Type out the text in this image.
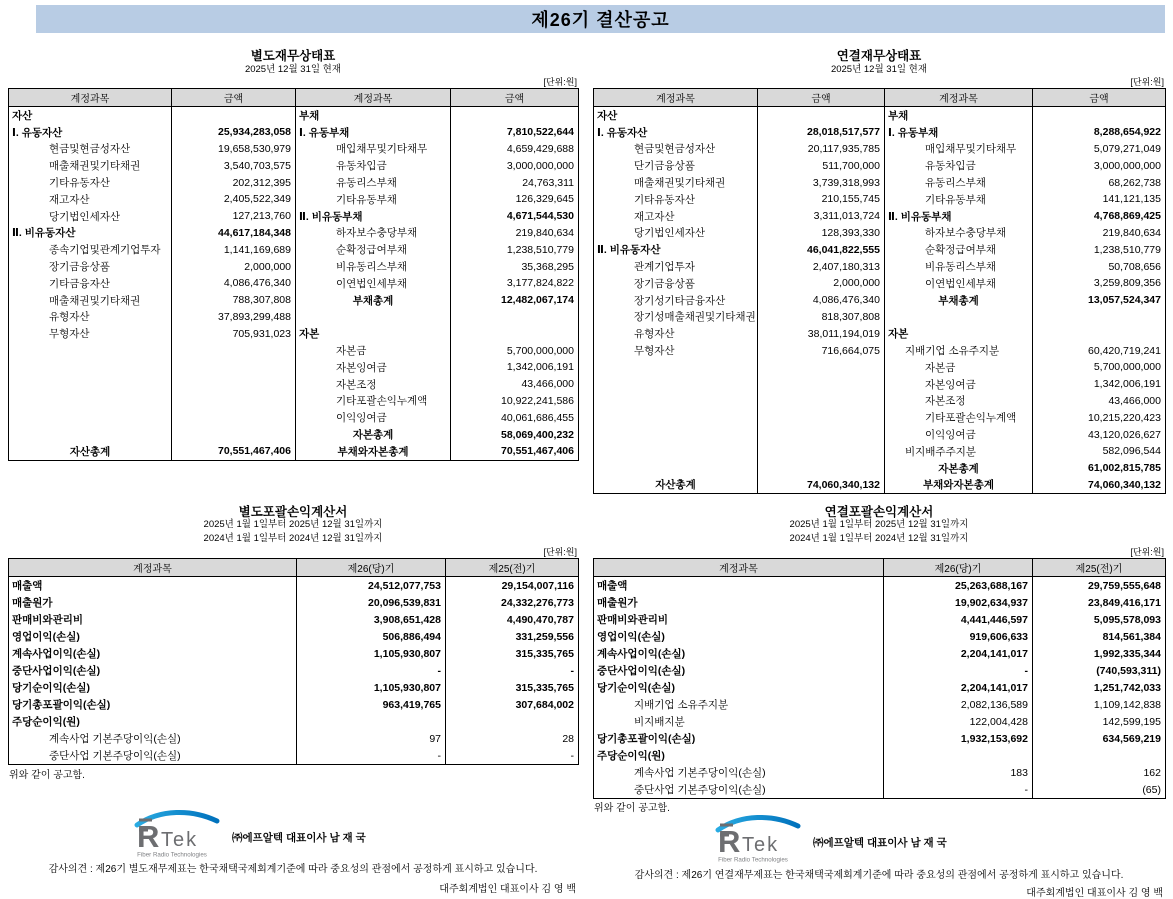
제26기 결산공고
별도재무상태표
2025년 12월 31일 현재
[단위:원]
계정과목	금액	계정과목	금액
자산		부채	
Ⅰ. 유동자산	25,934,283,058	Ⅰ. 유동부채	7,810,522,644
현금및현금성자산	19,658,530,979	매입채무및기타채무	4,659,429,688
매출채권및기타채권	3,540,703,575	유동차입금	3,000,000,000
기타유동자산	202,312,395	유동리스부채	24,763,311
재고자산	2,405,522,349	기타유동부채	126,329,645
당기법인세자산	127,213,760	Ⅱ. 비유동부채	4,671,544,530
Ⅱ. 비유동자산	44,617,184,348	하자보수충당부채	219,840,634
종속기업및관계기업투자	1,141,169,689	순확정급여부채	1,238,510,779
장기금융상품	2,000,000	비유동리스부채	35,368,295
기타금융자산	4,086,476,340	이연법인세부채	3,177,824,822
매출채권및기타채권	788,307,808	부채총계	12,482,067,174
유형자산	37,893,299,488		
무형자산	705,931,023	자본	
		자본금	5,700,000,000
		자본잉여금	1,342,006,191
		자본조정	43,466,000
		기타포괄손익누계액	10,922,241,586
		이익잉여금	40,061,686,455
		자본총계	58,069,400,232
자산총계	70,551,467,406	부채와자본총계	70,551,467,406
별도포괄손익계산서
2025년 1월 1일부터 2025년 12월 31일까지
2024년 1월 1일부터 2024년 12월 31일까지
[단위:원]
계정과목	제26(당)기	제25(전)기
매출액	24,512,077,753	29,154,007,116
매출원가	20,096,539,831	24,332,276,773
판매비와관리비	3,908,651,428	4,490,470,787
영업이익(손실)	506,886,494	331,259,556
계속사업이익(손실)	1,105,930,807	315,335,765
중단사업이익(손실)	-	-
당기순이익(손실)	1,105,930,807	315,335,765
당기총포괄이익(손실)	963,419,765	307,684,002
주당순이익(원)		
계속사업 기본주당이익(손실)	97	28
중단사업 기본주당이익(손실)	-	-
위와 같이 공고함.
R Tek
Fiber Radio Technologies
㈜에프알텍 대표이사 남 재 국
감사의견 : 제26기 별도재무제표는 한국채택국제회계기준에 따라 중요성의 관점에서 공정하게 표시하고 있습니다.
대주회계법인 대표이사 김 영 백
연결재무상태표
2025년 12월 31일 현재
[단위:원]
계정과목	금액	계정과목	금액
자산		부채	
Ⅰ. 유동자산	28,018,517,577	Ⅰ. 유동부채	8,288,654,922
현금및현금성자산	20,117,935,785	매입채무및기타채무	5,079,271,049
단기금융상품	511,700,000	유동차입금	3,000,000,000
매출채권및기타채권	3,739,318,993	유동리스부채	68,262,738
기타유동자산	210,155,745	기타유동부채	141,121,135
재고자산	3,311,013,724	Ⅱ. 비유동부채	4,768,869,425
당기법인세자산	128,393,330	하자보수충당부채	219,840,634
Ⅱ. 비유동자산	46,041,822,555	순확정급여부채	1,238,510,779
관계기업투자	2,407,180,313	비유동리스부채	50,708,656
장기금융상품	2,000,000	이연법인세부채	3,259,809,356
장기성기타금융자산	4,086,476,340	부채총계	13,057,524,347
장기성매출채권및기타채권	818,307,808		
유형자산	38,011,194,019	자본	
무형자산	716,664,075	지배기업 소유주지분	60,420,719,241
		자본금	5,700,000,000
		자본잉여금	1,342,006,191
		자본조정	43,466,000
		기타포괄손익누계액	10,215,220,423
		이익잉여금	43,120,026,627
		비지배주주지분	582,096,544
		자본총계	61,002,815,785
자산총계	74,060,340,132	부채와자본총계	74,060,340,132
연결포괄손익계산서
2025년 1월 1일부터 2025년 12월 31일까지
2024년 1월 1일부터 2024년 12월 31일까지
[단위:원]
계정과목	제26(당)기	제25(전)기
매출액	25,263,688,167	29,759,555,648
매출원가	19,902,634,937	23,849,416,171
판매비와관리비	4,441,446,597	5,095,578,093
영업이익(손실)	919,606,633	814,561,384
계속사업이익(손실)	2,204,141,017	1,992,335,344
중단사업이익(손실)	-	(740,593,311)
당기순이익(손실)	2,204,141,017	1,251,742,033
지배기업 소유주지분	2,082,136,589	1,109,142,838
비지배지분	122,004,428	142,599,195
당기총포괄이익(손실)	1,932,153,692	634,569,219
주당순이익(원)		
계속사업 기본주당이익(손실)	183	162
중단사업 기본주당이익(손실)	-	(65)
위와 같이 공고함.
R Tek
Fiber Radio Technologies
㈜에프알텍 대표이사 남 재 국
감사의견 : 제26기 연결재무제표는 한국채택국제회계기준에 따라 중요성의 관점에서 공정하게 표시하고 있습니다.
대주회계법인 대표이사 김 영 백
